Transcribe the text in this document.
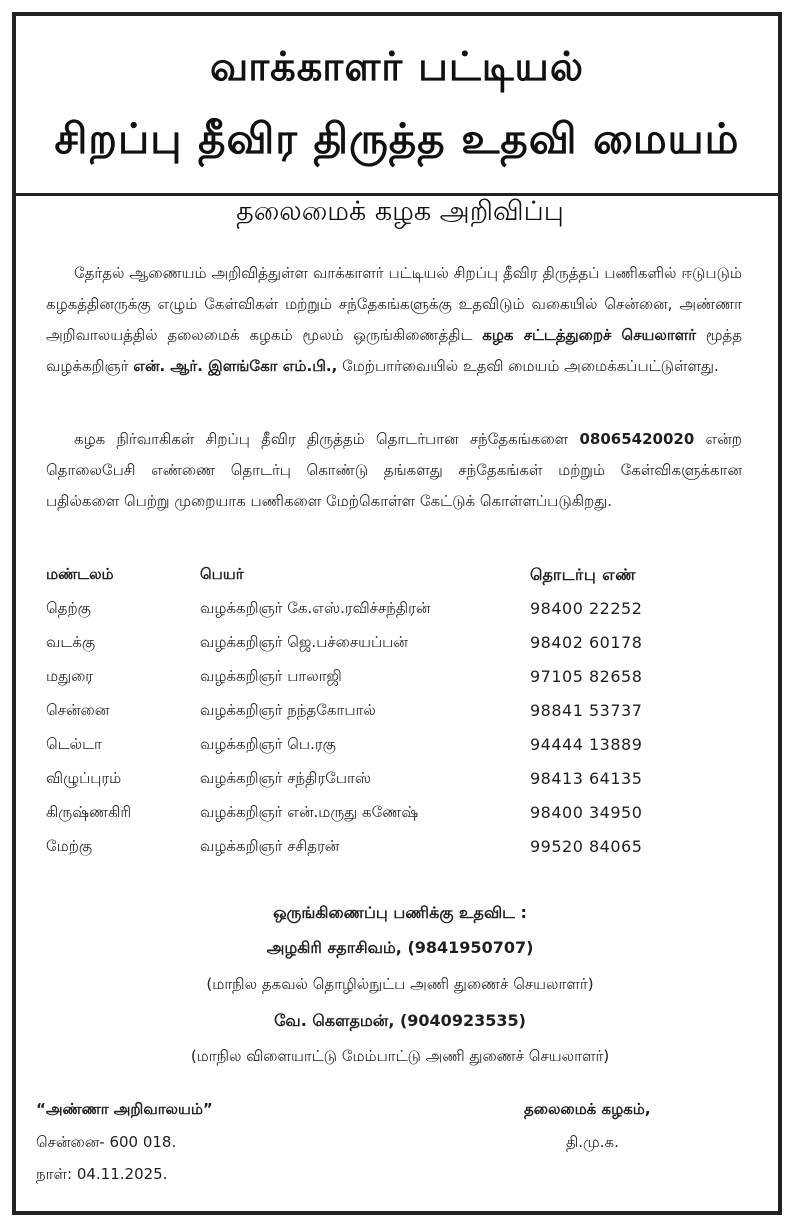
வாக்காளர் பட்டியல்
சிறப்பு தீவிர திருத்த உதவி மையம்
தலைமைக் கழக அறிவிப்பு
தேர்தல் ஆணையம் அறிவித்துள்ள வாக்காளர் பட்டியல் சிறப்பு தீவிர திருத்தப் பணிகளில் ஈடுபடும் கழகத்தினருக்கு எழும் கேள்விகள் மற்றும் சந்தேகங்களுக்கு உதவிடும் வகையில் சென்னை, அண்ணா அறிவாலயத்தில் தலைமைக் கழகம் மூலம் ஒருங்கிணைத்திட கழக சட்டத்துறைச் செயலாளர் மூத்த வழக்கறிஞர் என். ஆர். இளங்கோ எம்.பி., மேற்பார்வையில் உதவி மையம் அமைக்கப்பட்டுள்ளது.
கழக நிர்வாகிகள் சிறப்பு தீவிர திருத்தம் தொடர்பான சந்தேகங்களை 08065420020 என்ற தொலைபேசி எண்ணை தொடர்பு கொண்டு தங்களது சந்தேகங்கள் மற்றும் கேள்விகளுக்கான பதில்களை பெற்று முறையாக பணிகளை மேற்கொள்ள கேட்டுக் கொள்ளப்படுகிறது.
மண்டலம்	பெயர்	தொடர்பு எண்
தெற்கு	வழக்கறிஞர் கே.எஸ்.ரவிச்சந்திரன்	98400 22252
வடக்கு	வழக்கறிஞர் ஜெ.பச்சையப்பன்	98402 60178
மதுரை	வழக்கறிஞர் பாலாஜி	97105 82658
சென்னை	வழக்கறிஞர் நந்தகோபால்	98841 53737
டெல்டா	வழக்கறிஞர் பெ.ரகு	94444 13889
விழுப்புரம்	வழக்கறிஞர் சந்திரபோஸ்	98413 64135
கிருஷ்ணகிரி	வழக்கறிஞர் என்.மருது கணேஷ்	98400 34950
மேற்கு	வழக்கறிஞர் சசிதரன்	99520 84065
ஒருங்கிணைப்பு பணிக்கு உதவிட :
அழகிரி சதாசிவம், (9841950707)
(மாநில தகவல் தொழில்நுட்ப அணி துணைச் செயலாளர்)
வே. கௌதமன், (9040923535)
(மாநில விளையாட்டு மேம்பாட்டு அணி துணைச் செயலாளர்)
“அண்ணா அறிவாலயம்”
சென்னை- 600 018.
நாள்: 04.11.2025.
தலைமைக் கழகம்,
தி.மு.க.
